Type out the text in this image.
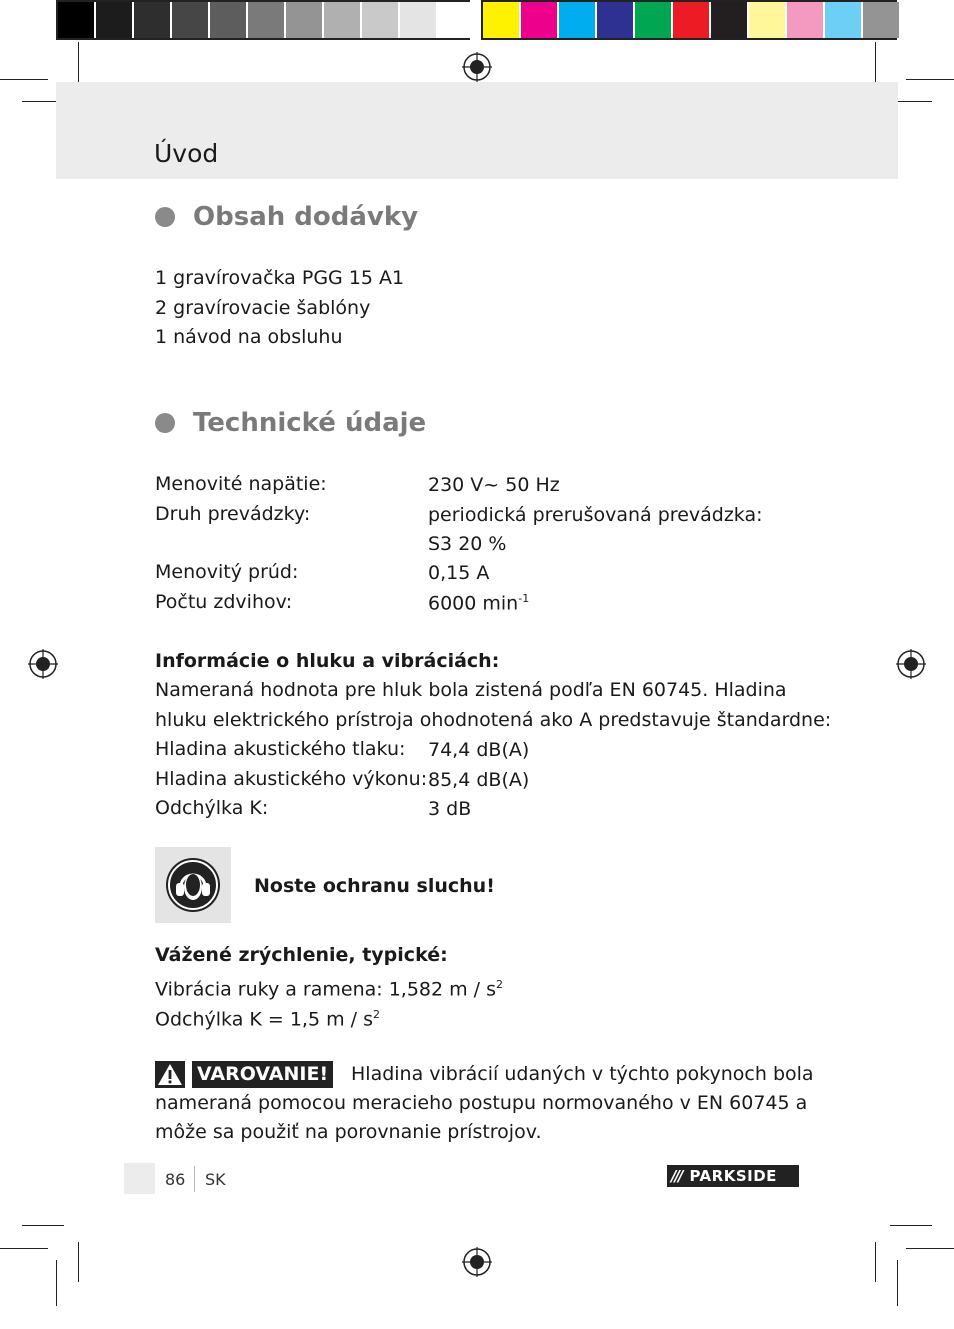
Úvod
Obsah dodávky
1 gravírovačka PGG 15 A1
2 gravírovacie šablóny
1 návod na obsluhu
Technické údaje
Menovité napätie:	230 V~ 50 Hz
Druh prevádzky:	periodická prerušovaná prevádzka:
S3 20 %
Menovitý prúd:	0,15 A
Počtu zdvihov:	6000 $\min^{-1}$
Informácie o hluku a vibráciách:
Nameraná hodnota pre hluk bola zistená podľa EN 60745. Hladina
hluku elektrického prístroja ohodnotená ako A predstavuje štandardne:
Hladina akustického tlaku: 74,4 dB(A)
Hladina akustického výkonu: 85,4 dB(A)
Odchýlka K:	3 dB
Noste ochranu sluchu!
Vážené zrýchlenie, typické:
Vibrácia ruky a ramena: 1,582 m / $s^2$
Odchýlka K = 1,5 m / $s^2$
VAROVANIE! Hladina vibrácií udaných v týchto pokynoch bola
nameraná pomocou meracieho postupu normovaného v EN 60745 a
môže sa použiť na porovnanie prístrojov.
86 SK	/// PARKSIDE
